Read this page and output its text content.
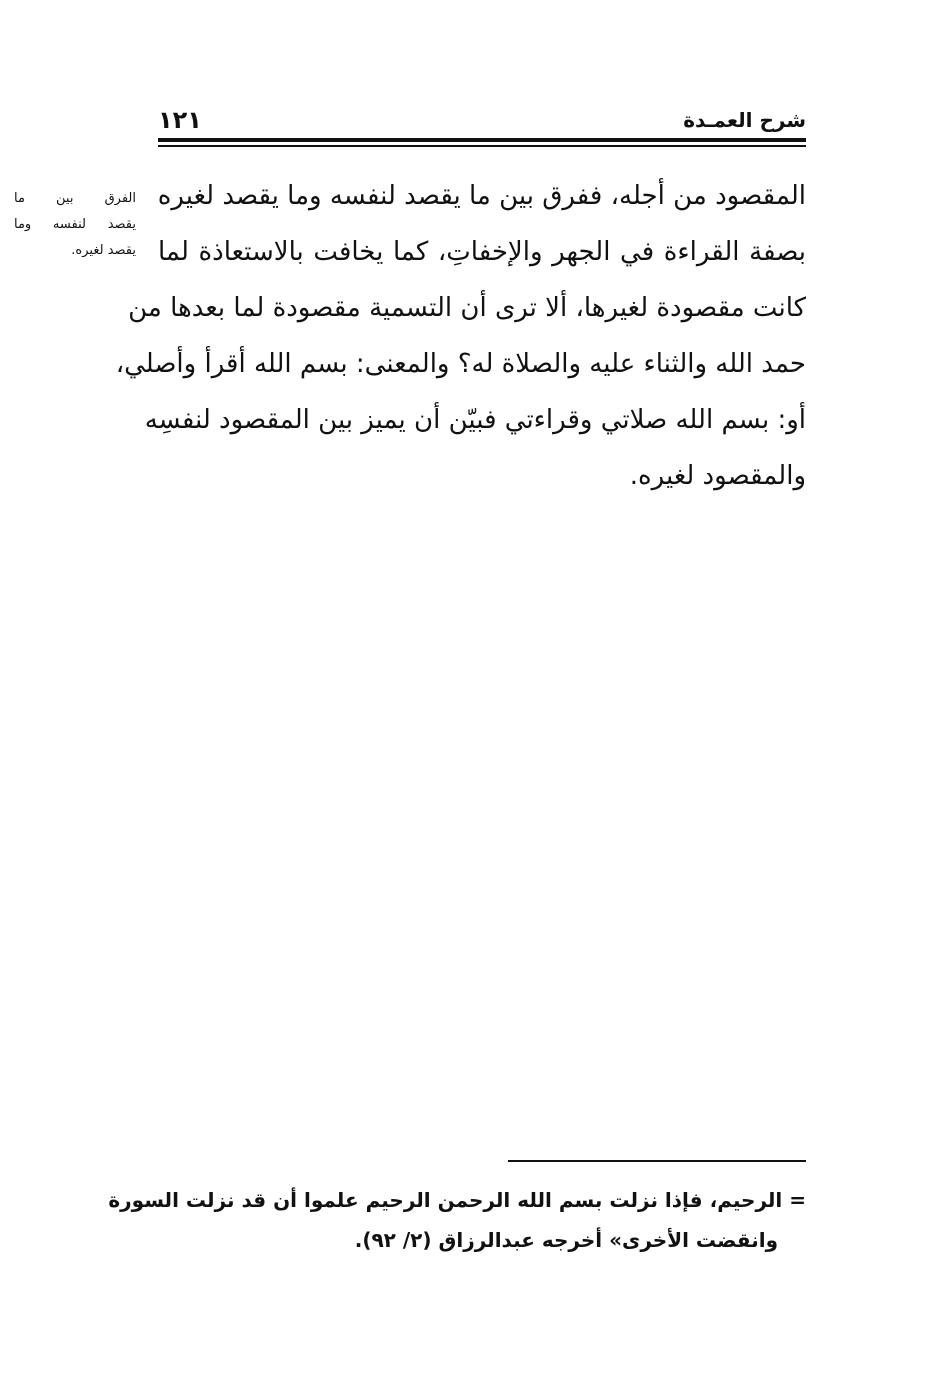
١٢١	شرح العمـدة
الفرق بين ما
يقصد لنفسه وما
يقصد لغيره.
المقصود من أجله، ففرق بين ما يقصد لنفسه وما يقصد لغيره
بصفة القراءة في الجهر والإخفاتِ، كما يخافت بالاستعاذة لما
كانت مقصودة لغيرها، ألا ترى أن التسمية مقصودة لما بعدها من
حمد الله والثناء عليه والصلاة له؟ والمعنى: بسم الله أقرأ وأصلي،
أو: بسم الله صلاتي وقراءتي فبيّن أن يميز بين المقصود لنفسِه
والمقصود لغيره.
= الرحيم، فإذا نزلت بسم الله الرحمن الرحيم علموا أن قد نزلت السورة
وانقضت الأخرى» أخرجه عبدالرزاق (٢/ ٩٢).
